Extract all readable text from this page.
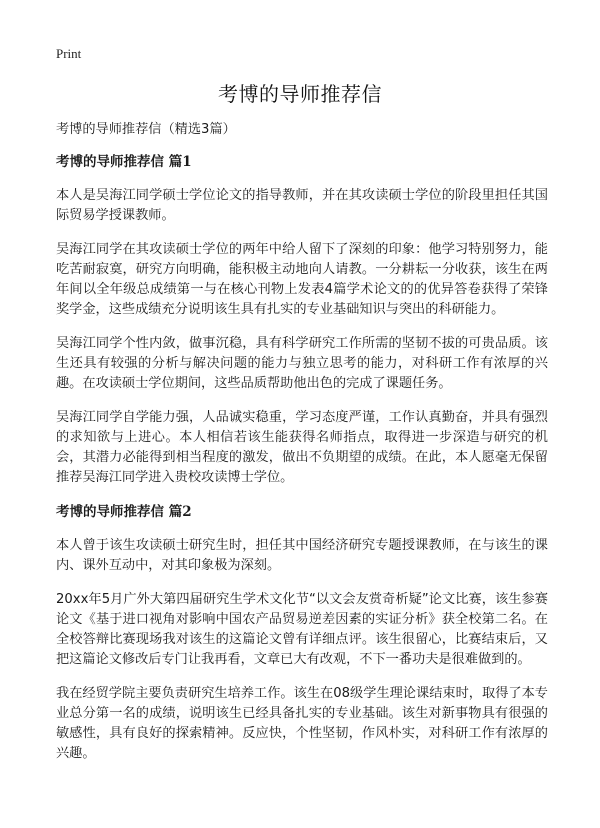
Print
考博的导师推荐信
考博的导师推荐信（精选3篇）
考博的导师推荐信 篇1

本人是吴海江同学硕士学位论文的指导教师，并在其攻读硕士学位的阶段里担任其国际贸易学授课教师。

吴海江同学在其攻读硕士学位的两年中给人留下了深刻的印象：他学习特别努力，能吃苦耐寂寞，研究方向明确，能积极主动地向人请教。一分耕耘一分收获，该生在两年间以全年级总成绩第一与在核心刊物上发表4篇学术论文的的优异答卷获得了荣锋奖学金，这些成绩充分说明该生具有扎实的专业基础知识与突出的科研能力。

吴海江同学个性内敛，做事沉稳，具有科学研究工作所需的坚韧不拔的可贵品质。该生还具有较强的分析与解决问题的能力与独立思考的能力，对科研工作有浓厚的兴趣。在攻读硕士学位期间，这些品质帮助他出色的完成了课题任务。

吴海江同学自学能力强，人品诚实稳重，学习态度严谨，工作认真勤奋，并具有强烈的求知欲与上进心。本人相信若该生能获得名师指点，取得进一步深造与研究的机会，其潜力必能得到相当程度的激发，做出不负期望的成绩。在此，本人愿毫无保留推荐吴海江同学进入贵校攻读博士学位。

考博的导师推荐信 篇2

本人曾于该生攻读硕士研究生时，担任其中国经济研究专题授课教师，在与该生的课内、课外互动中，对其印象极为深刻。

20xx年5月广外大第四届研究生学术文化节“以文会友赏奇析疑”论文比赛，该生参赛论文《基于进口视角对影响中国农产品贸易逆差因素的实证分析》获全校第二名。在全校答辩比赛现场我对该生的这篇论文曾有详细点评。该生很留心，比赛结束后，又把这篇论文修改后专门让我再看，文章已大有改观，不下一番功夫是很难做到的。

我在经贸学院主要负责研究生培养工作。该生在08级学生理论课结束时，取得了本专业总分第一名的成绩，说明该生已经具备扎实的专业基础。该生对新事物具有很强的敏感性，具有良好的探索精神。反应快，个性坚韧，作风朴实，对科研工作有浓厚的兴趣。
